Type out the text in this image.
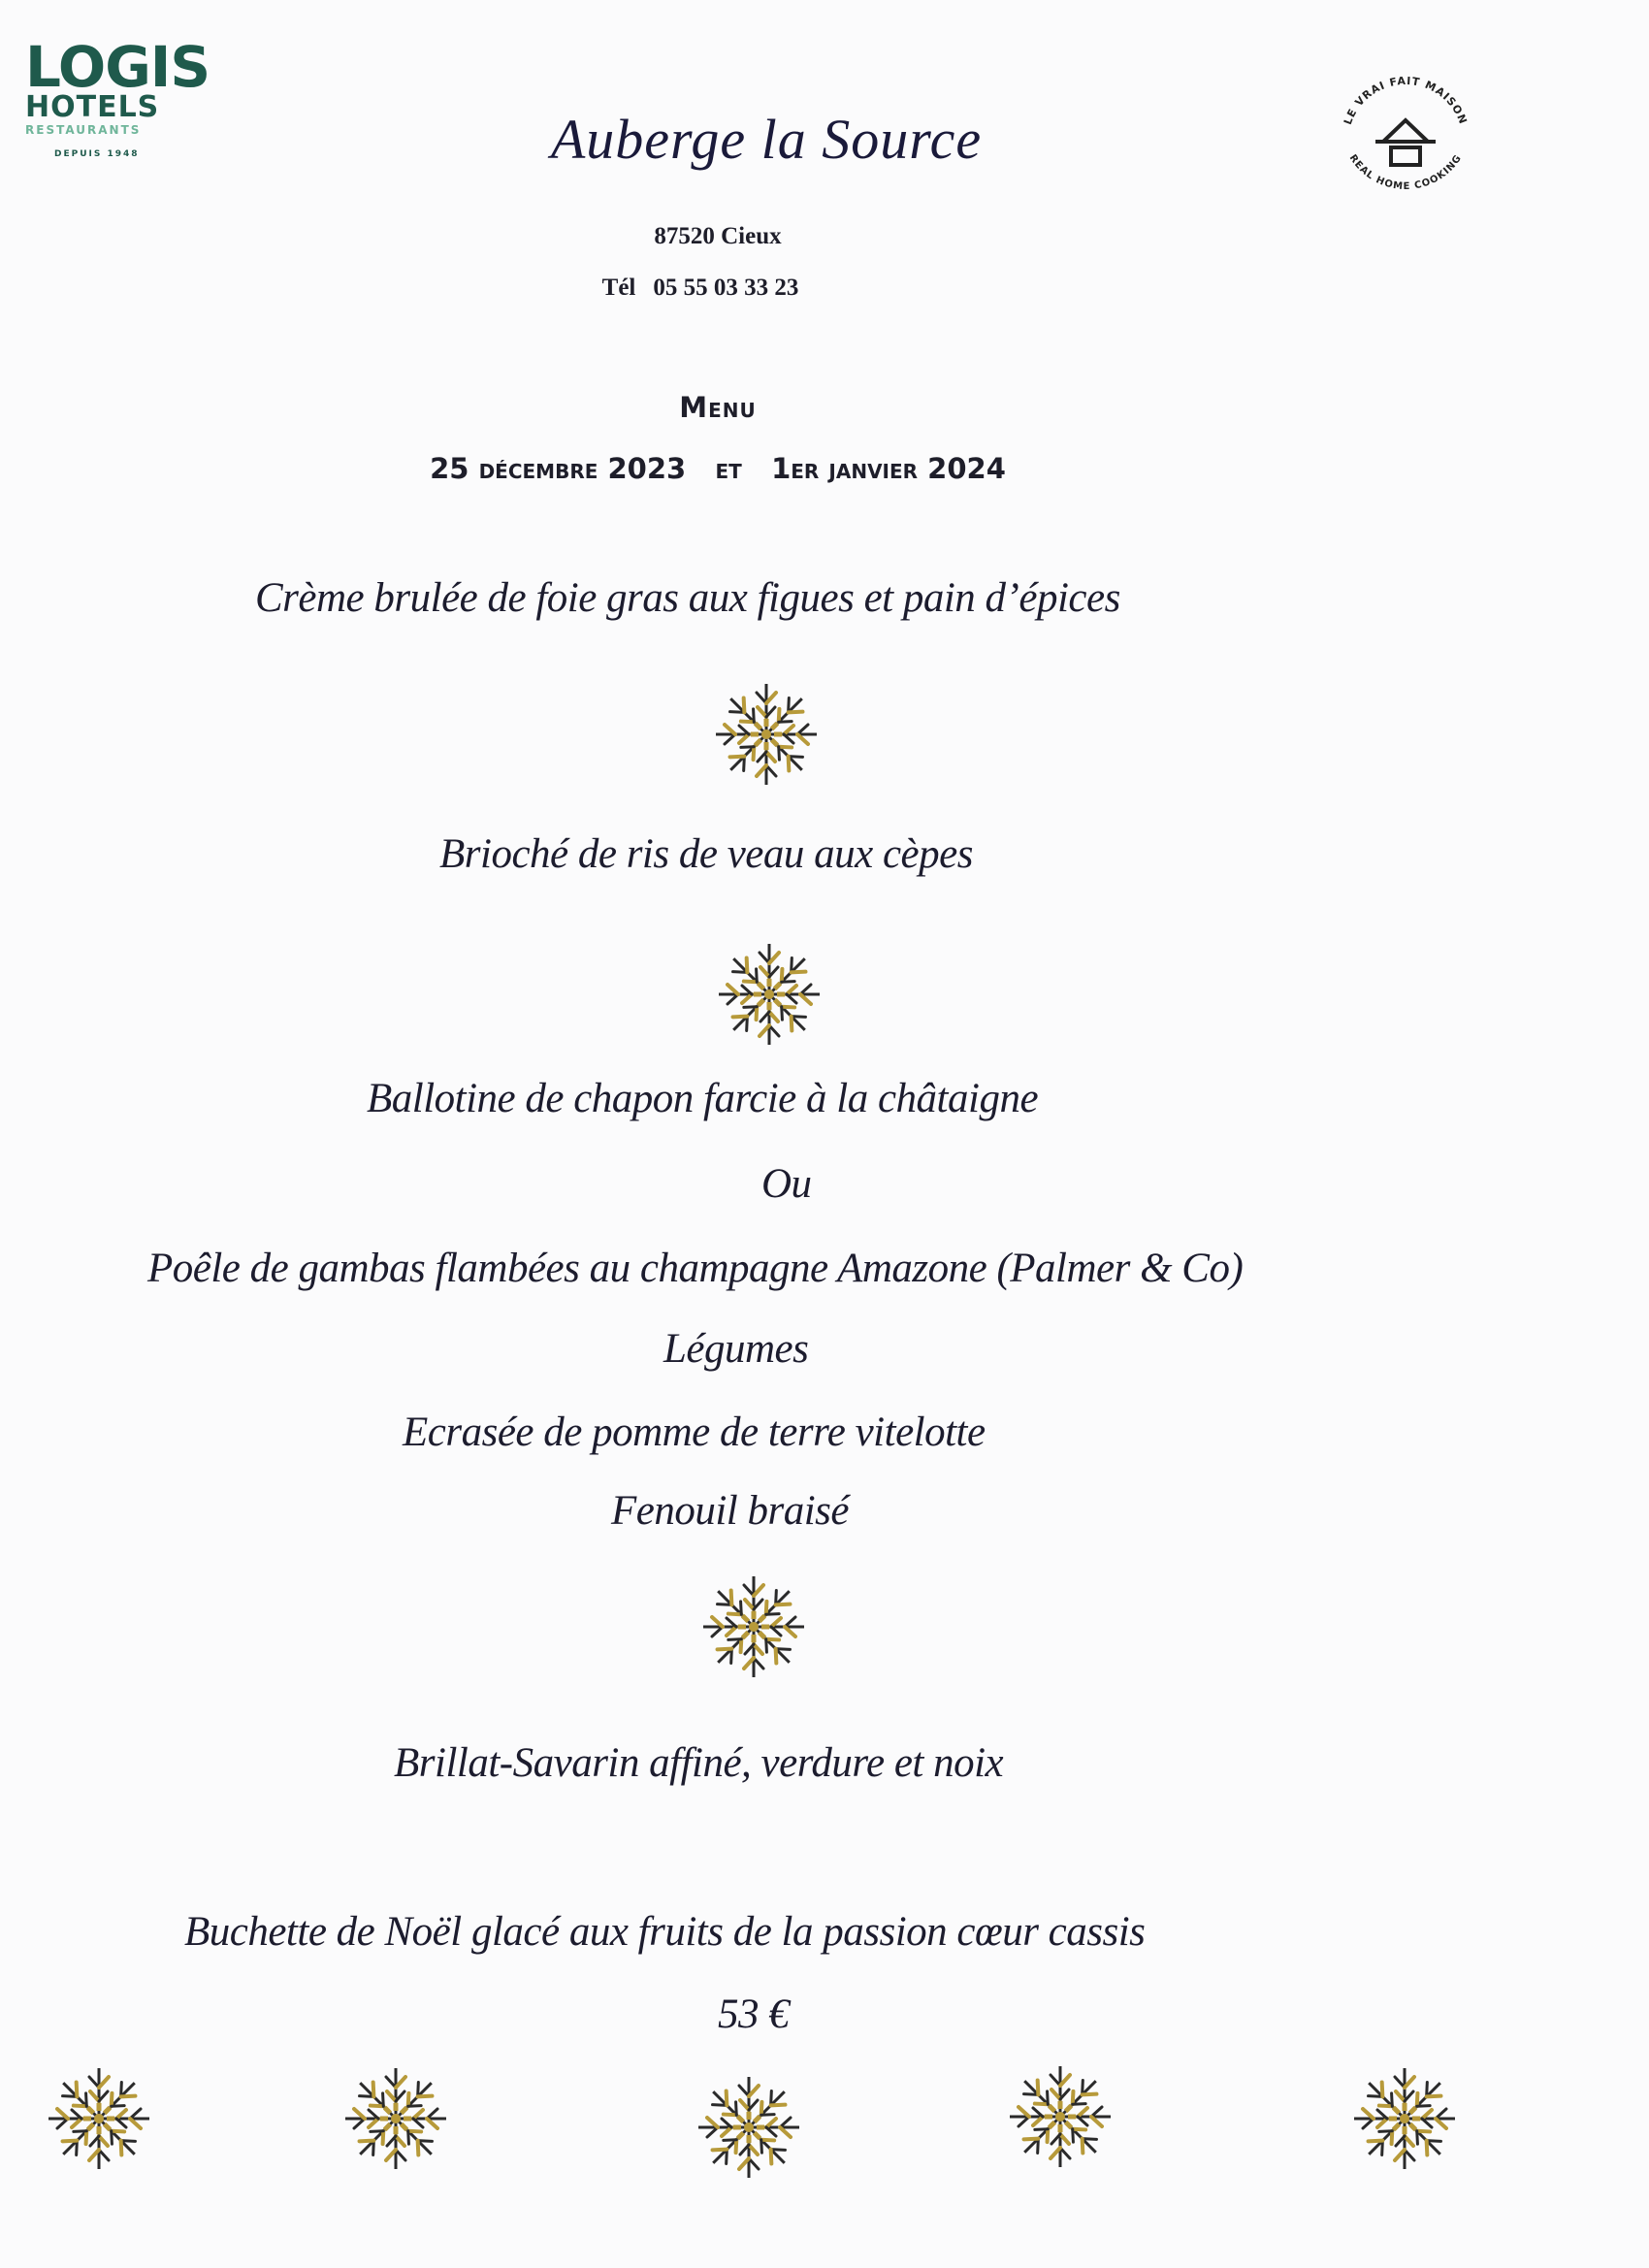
LOGIS
HOTELS
RESTAURANTS
DEPUIS 1948
LE VRAI FAIT MAISON
REAL HOME COOKING
Auberge la Source
87520 Cieux
Tél 05 55 03 33 23
Menu
25 décembre 2023   et   1er janvier 2024
Crème brulée de foie gras aux figues et pain d’épices
Brioché de ris de veau aux cèpes
Ballotine de chapon farcie à la châtaigne
Ou
Poêle de gambas flambées au champagne Amazone (Palmer & Co)
Légumes
Ecrasée de pomme de terre vitelotte
Fenouil braisé
Brillat-Savarin affiné, verdure et noix
Buchette de Noël glacé aux fruits de la passion cœur cassis
53 €
